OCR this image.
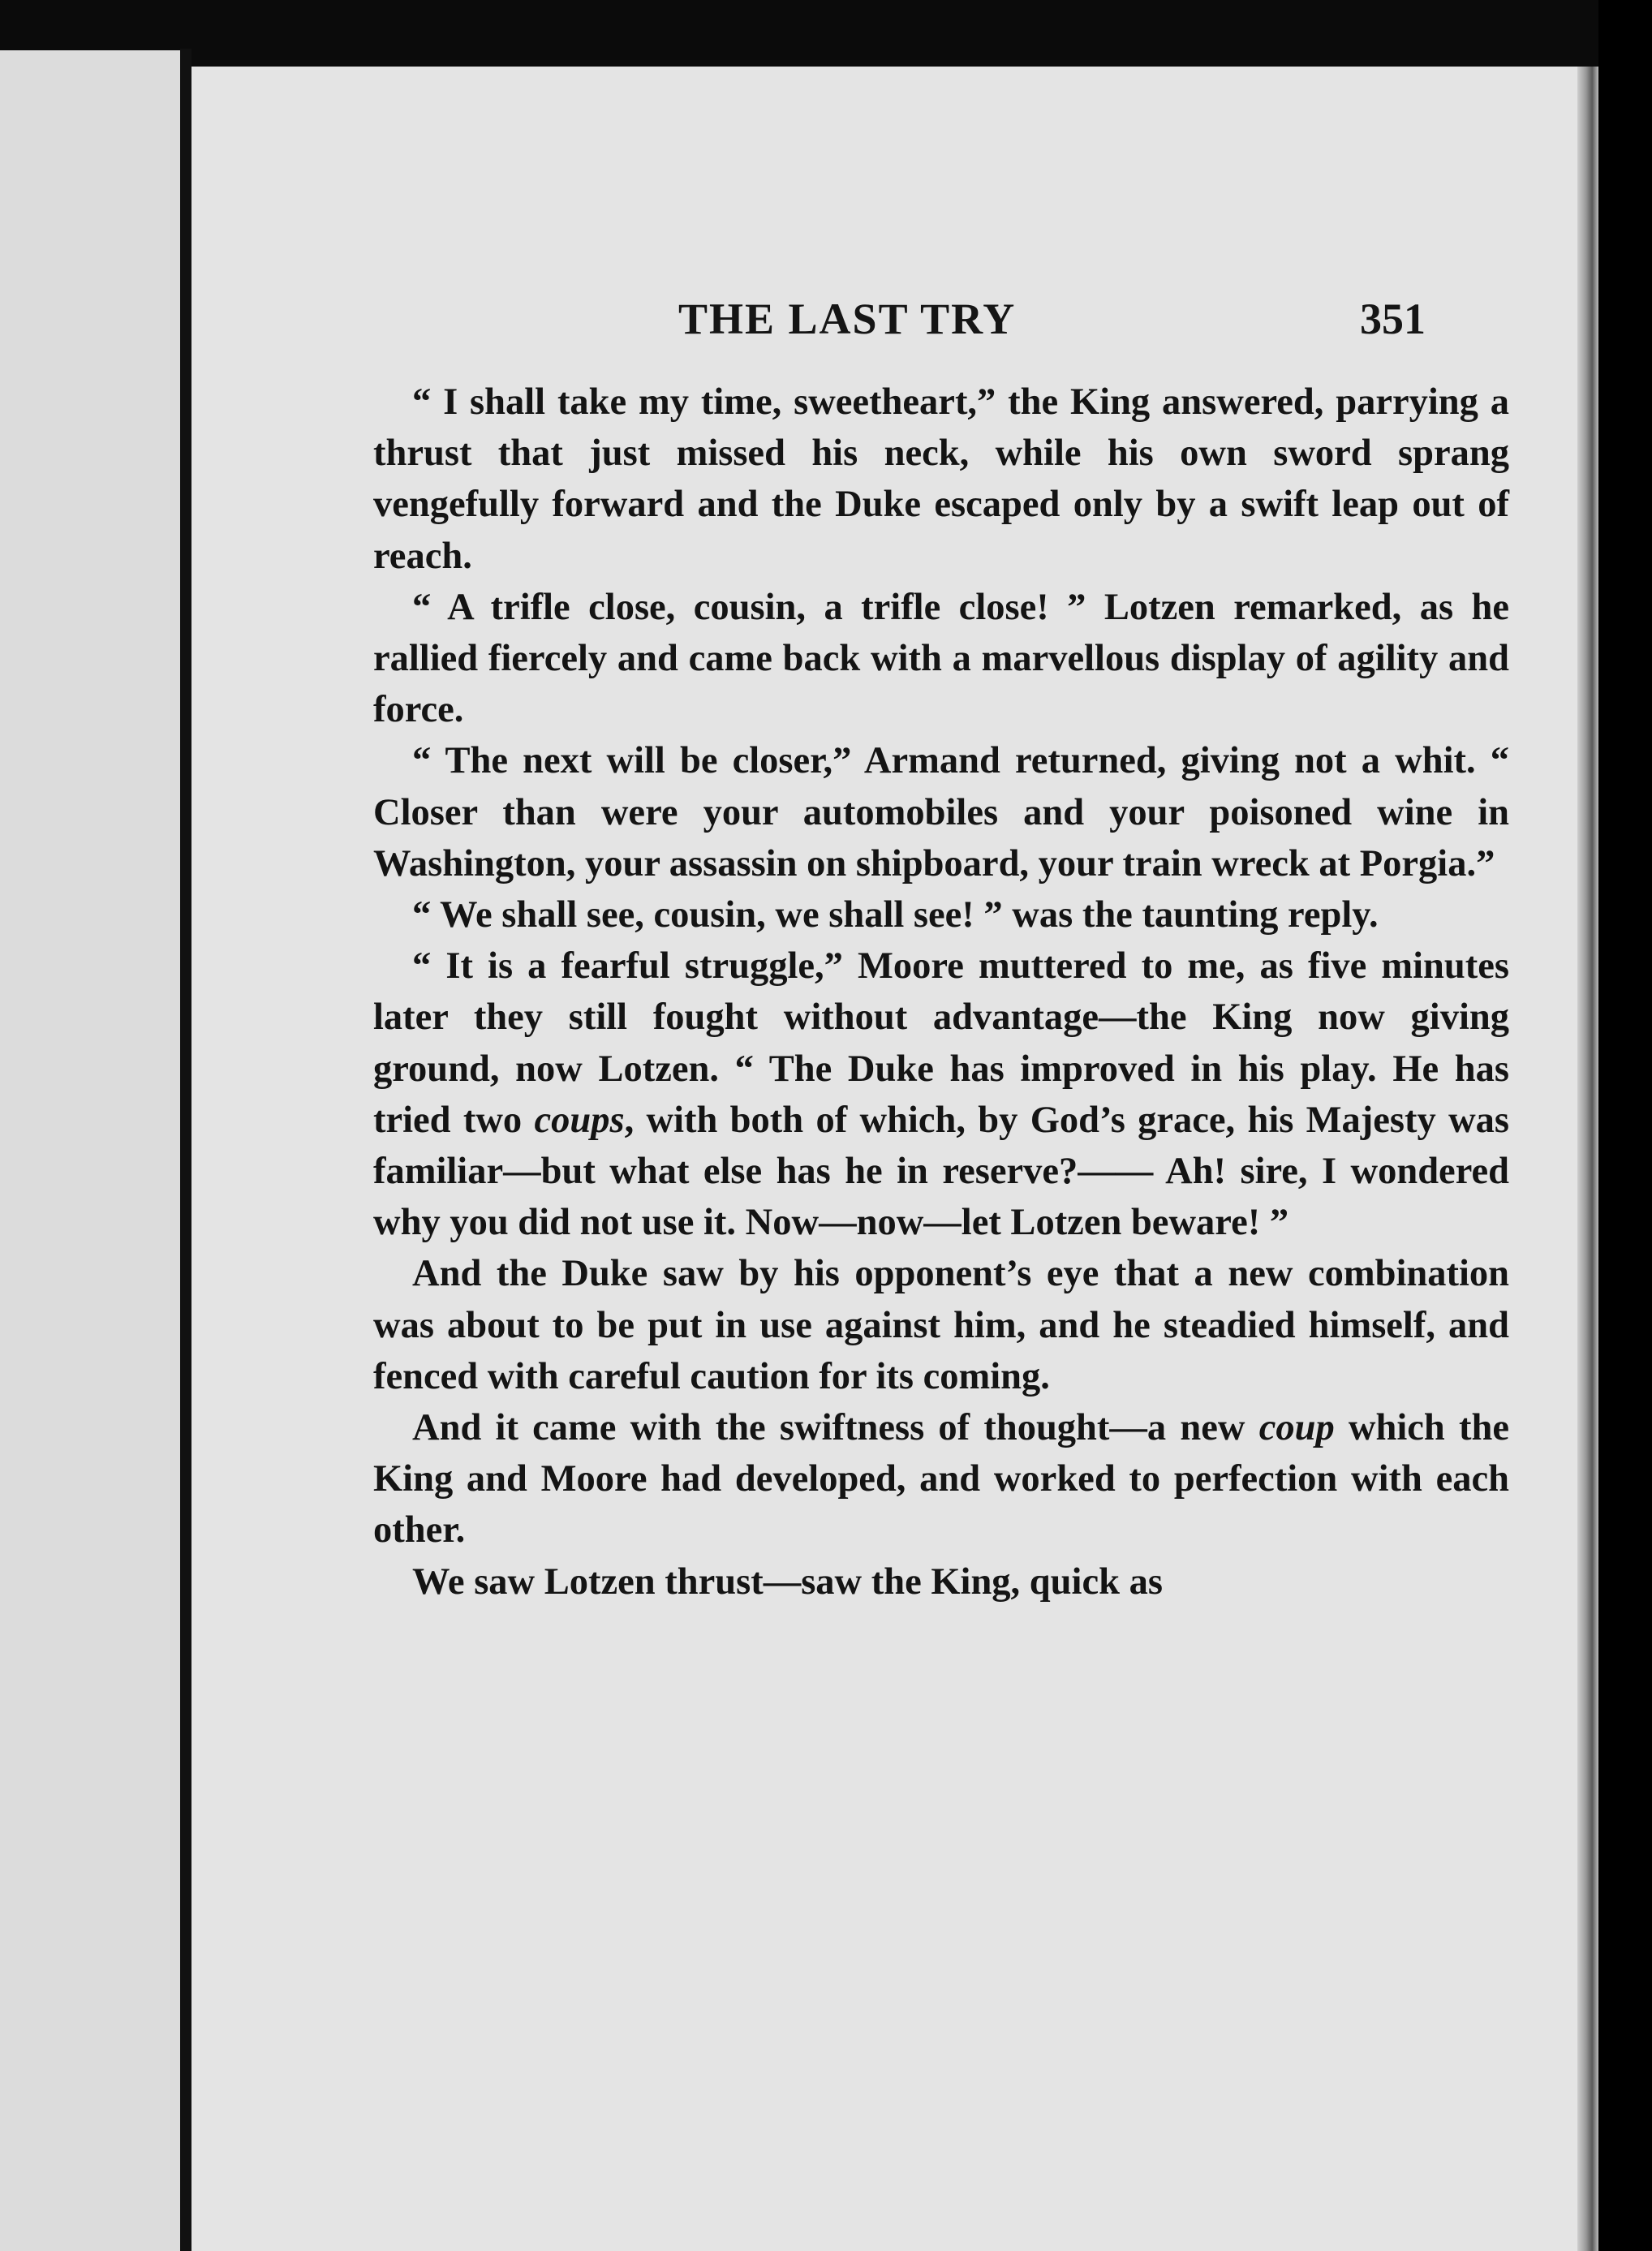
THE LAST TRY	351

“ I shall take my time, sweetheart,” the King answered, parrying a thrust that just missed his neck, while his own sword sprang vengefully forward and the Duke escaped only by a swift leap out of reach.

“ A trifle close, cousin, a trifle close! ” Lotzen remarked, as he rallied fiercely and came back with a marvellous display of agility and force.

“ The next will be closer,” Armand returned, giving not a whit. “ Closer than were your automobiles and your poisoned wine in Washington, your assassin on shipboard, your train wreck at Porgia.”

“ We shall see, cousin, we shall see! ” was the taunting reply.

“ It is a fearful struggle,” Moore muttered to me, as five minutes later they still fought without advantage—the King now giving ground, now Lotzen. “ The Duke has improved in his play. He has tried two coups, with both of which, by God’s grace, his Majesty was familiar—but what else has he in reserve?—— Ah! sire, I wondered why you did not use it. Now—now—let Lotzen beware! ”

And the Duke saw by his opponent’s eye that a new combination was about to be put in use against him, and he steadied himself, and fenced with careful caution for its coming.

And it came with the swiftness of thought—a new coup which the King and Moore had developed, and worked to perfection with each other.

We saw Lotzen thrust—saw the King, quick as
